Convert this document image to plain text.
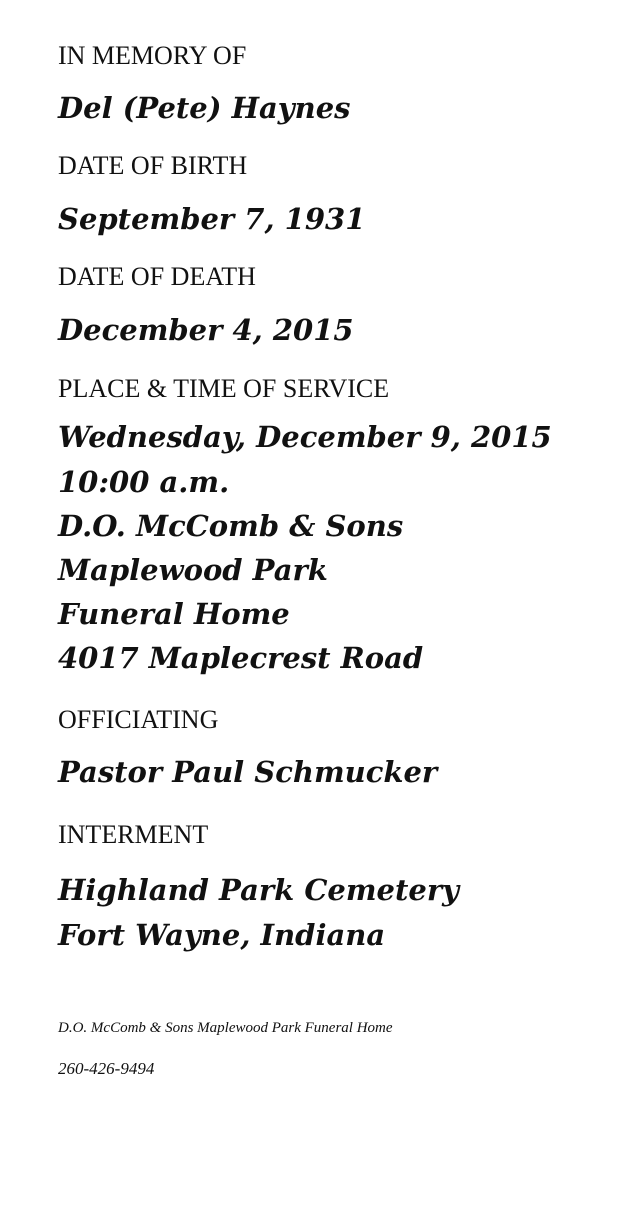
IN MEMORY OF
Del (Pete) Haynes
DATE OF BIRTH
September 7, 1931
DATE OF DEATH
December 4, 2015
PLACE & TIME OF SERVICE
Wednesday, December 9, 2015
10:00 a.m.
D.O. McComb & Sons
Maplewood Park
Funeral Home
4017 Maplecrest Road
OFFICIATING
Pastor Paul Schmucker
INTERMENT
Highland Park Cemetery
Fort Wayne, Indiana
D.O. McComb & Sons Maplewood Park Funeral Home
260-426-9494
